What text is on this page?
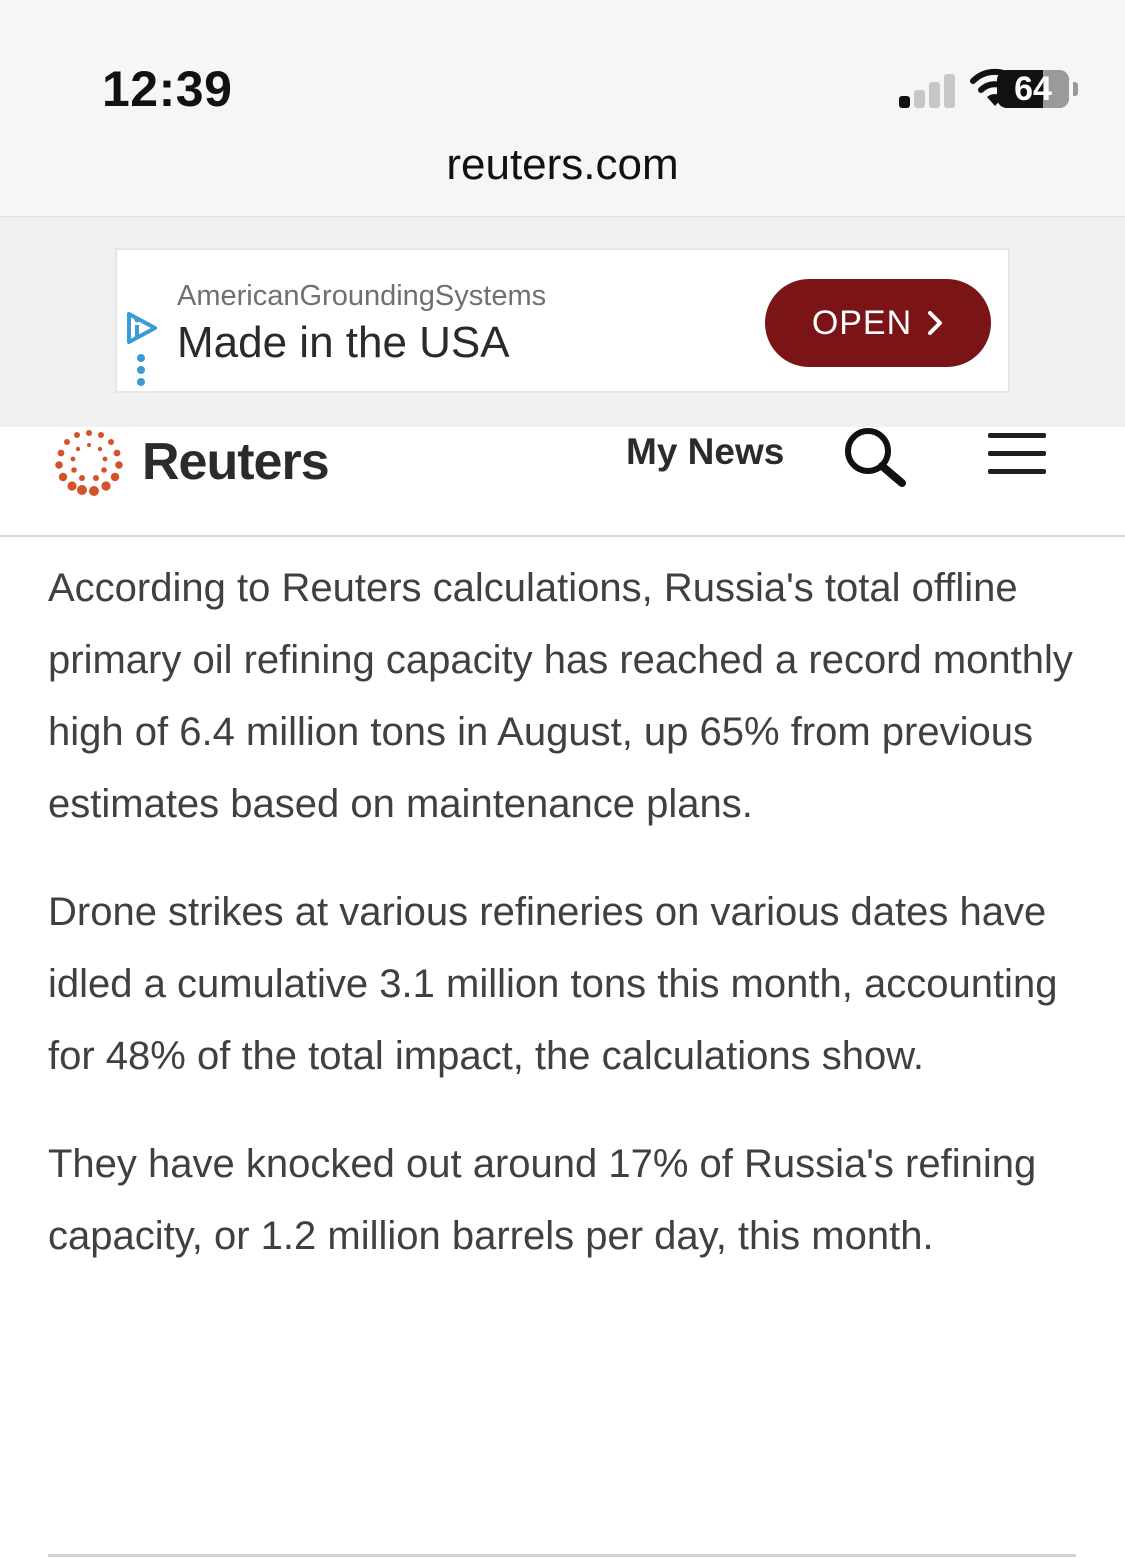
12:39	64
reuters.com
AmericanGroundingSystems
Made in the USA	OPEN
Reuters	My News

According to Reuters calculations, Russia's total offline primary oil refining capacity has reached a record monthly high of 6.4 million tons in August, up 65% from previous estimates based on maintenance plans.

Drone strikes at various refineries on various dates have idled a cumulative 3.1 million tons this month, accounting for 48% of the total impact, the calculations show.

They have knocked out around 17% of Russia's refining capacity, or 1.2 million barrels per day, this month.
